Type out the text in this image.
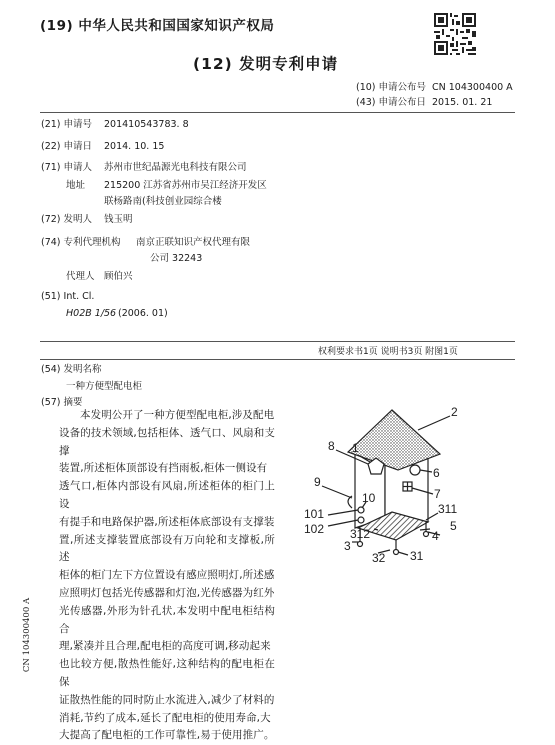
(19) 中华人民共和国国家知识产权局
(12) 发明专利申请
(10) 申请公布号 CN 104300400 A
(43) 申请公布日 2015. 01. 21
(21) 申请号 201410543783. 8
(22) 申请日 2014. 10. 15
(71) 申请人 苏州市世纪晶源光电科技有限公司
地址 215200 江苏省苏州市吴江经济开发区
联杨路南(科技创业园综合楼
(72) 发明人 钱玉明
(74) 专利代理机构 南京正联知识产权代理有限
公司 32243
代理人 顾伯兴
(51) Int. Cl.
H02B 1/56 (2006. 01)
权利要求书1页 说明书3页 附图1页
(54) 发明名称
一种方便型配电柜
(57) 摘要
本发明公开了一种方便型配电柜,涉及配电
设备的技术领域,包括柜体、透气口、风扇和支撑
装置,所述柜体顶部设有挡雨板,柜体一侧设有
透气口,柜体内部设有风扇,所述柜体的柜门上设
有提手和电路保护器,所述柜体底部设有支撑装
置,所述支撑装置底部设有万向轮和支撑板,所述
柜体的柜门左下方位置设有感应照明灯,所述感
应照明灯包括光传感器和灯泡,光传感器为红外
光传感器,外形为针孔状,本发明中配电柜结构合
理,紧凑并且合理,配电柜的高度可调,移动起来
也比较方便,散热性能好,这种结构的配电柜在保
证散热性能的同时防止水流进入,减少了材料的
消耗,节约了成本,延长了配电柜的使用寿命,大
大提高了配电柜的工作可靠性,易于使用推广。
2
8 1
6
9
10	7
101	311
102	4
312
5
3
32 31
CN 104300400 A
